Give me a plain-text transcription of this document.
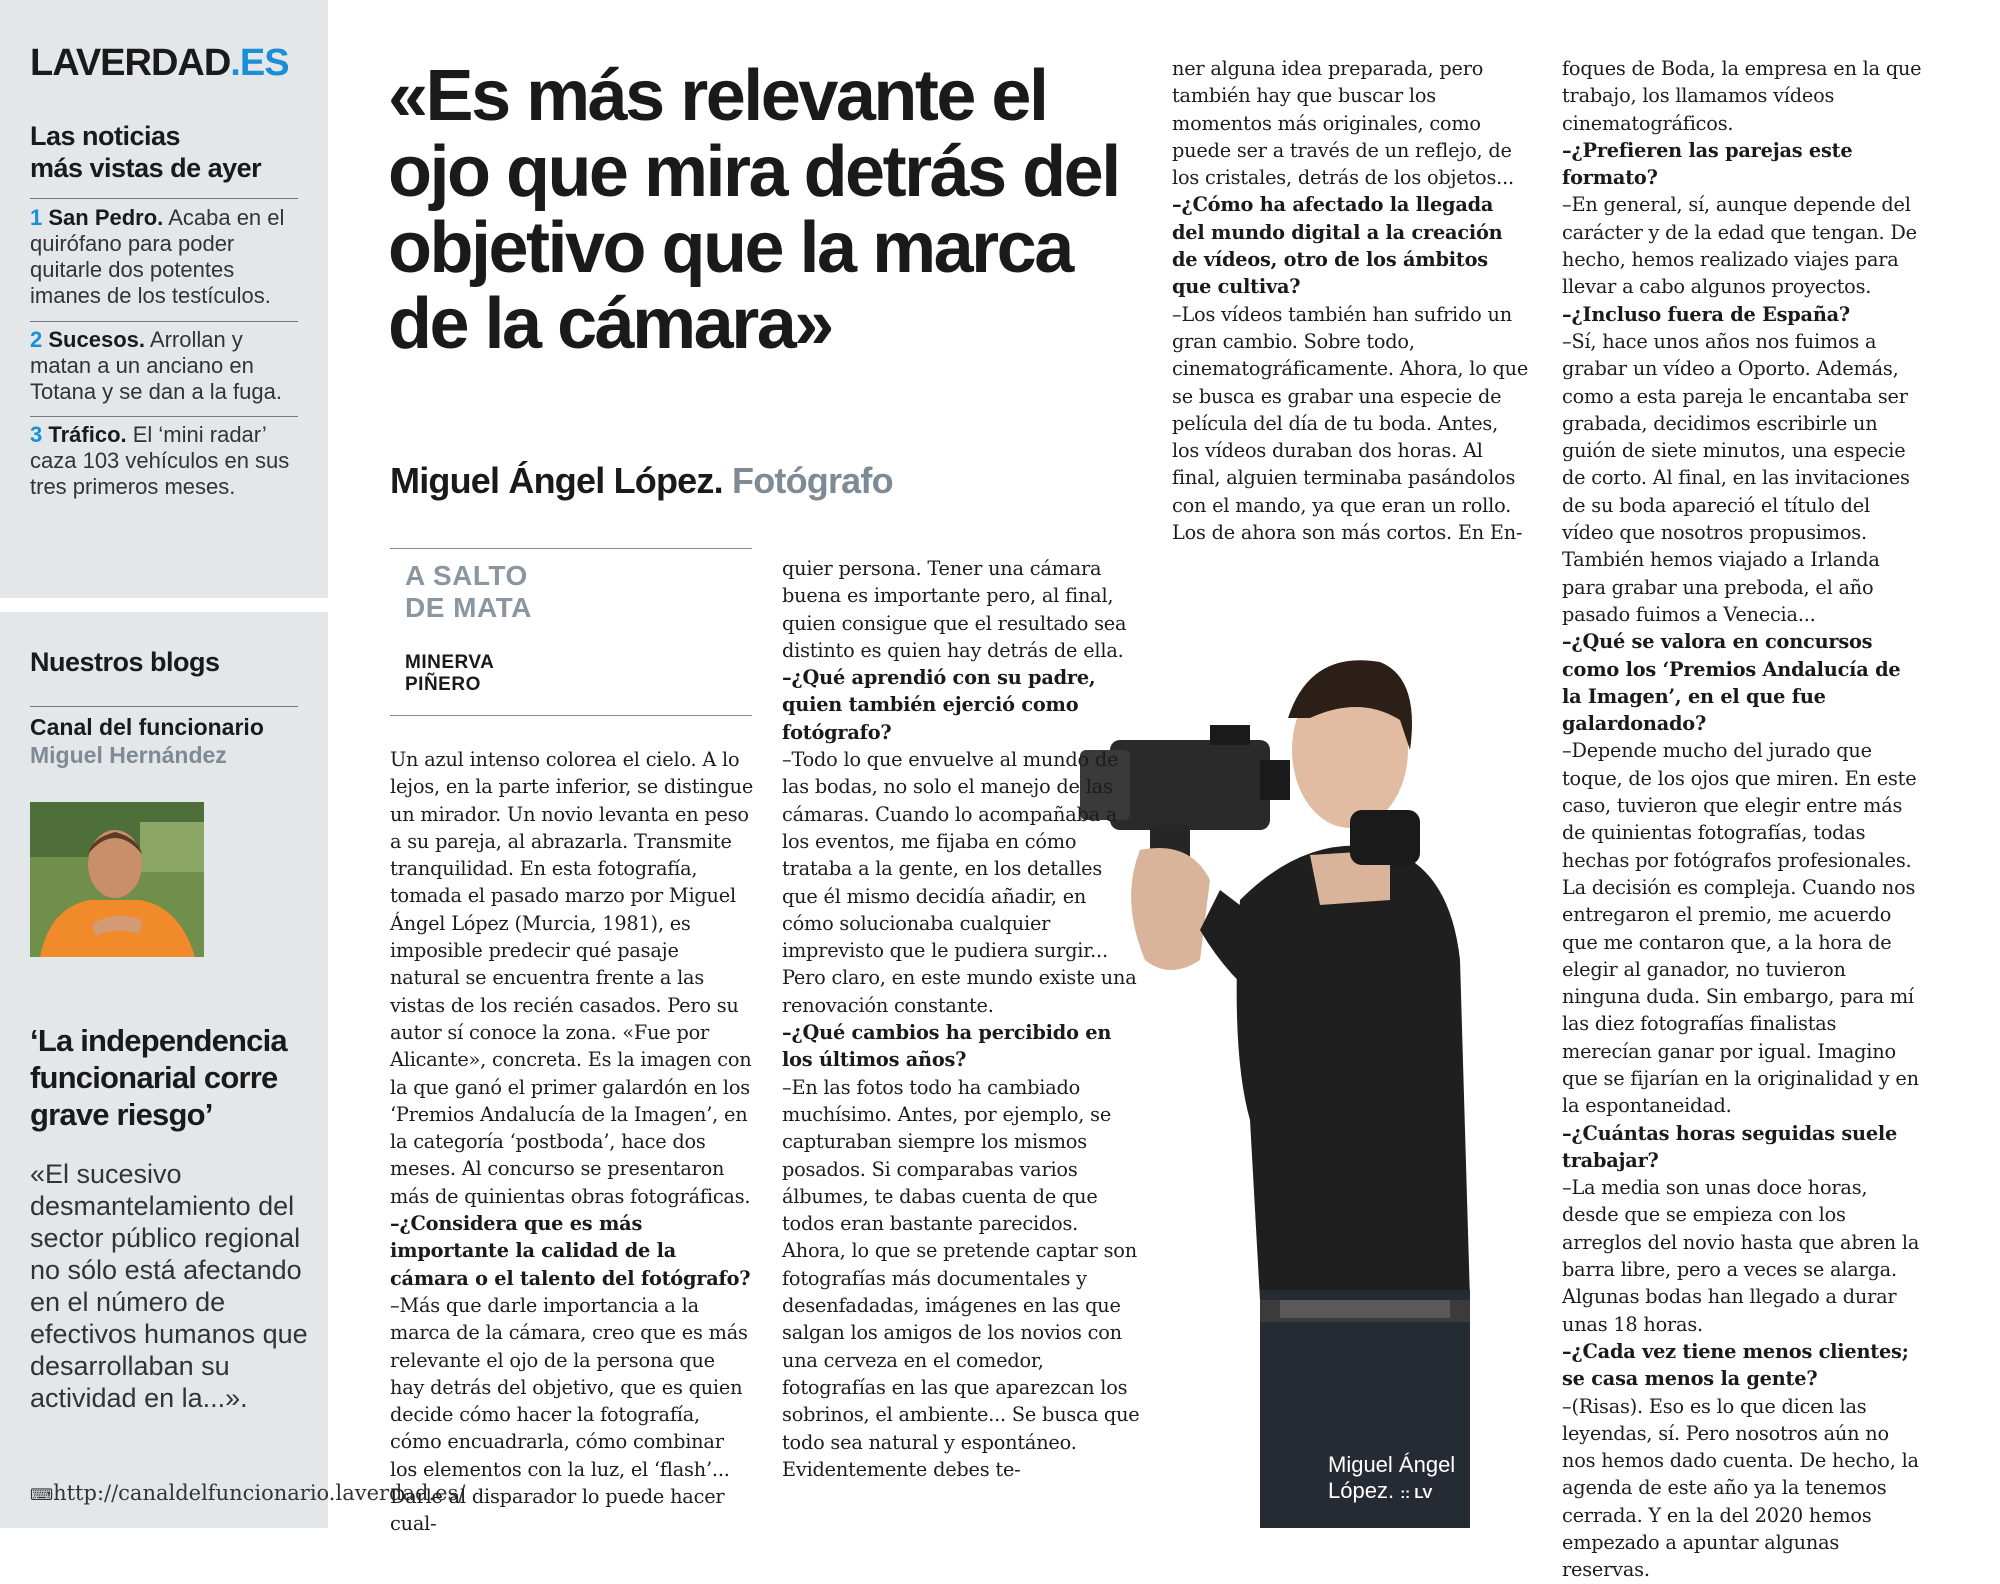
LAVERDAD.ES
Las noticias
más vistas de ayer
1 San Pedro. Acaba en el quirófano para poder quitarle dos potentes imanes de los testículos.
2 Sucesos. Arrollan y matan a un anciano en Totana y se dan a la fuga.
3 Tráfico. El ‘mini radar’ caza 103 vehículos en sus tres primeros meses.
Nuestros blogs
Canal del funcionario
Miguel Hernández
‘La independencia funcionarial corre grave riesgo’
«El sucesivo desmantelamiento del sector público regional no sólo está afectando en el número de efectivos humanos que desarrollaban su actividad en la...».
⌨http://canaldelfuncionario.laverdad.es/
«Es más relevante el ojo que mira detrás del objetivo que la marca de la cámara»
Miguel Ángel López. Fotógrafo
A SALTO
DE MATA
MINERVA
PIÑERO
Miguel Ángel
López. :: LV

Un azul intenso colorea el cielo. A lo lejos, en la parte inferior, se distingue un mirador. Un novio levanta en peso a su pareja, al abrazarla. Transmite tranquilidad. En esta fotografía, tomada el pasado marzo por Miguel Ángel López (Murcia, 1981), es imposible predecir qué pasaje natural se encuentra frente a las vistas de los recién casados. Pero su autor sí conoce la zona. «Fue por Alicante», concreta. Es la imagen con la que ganó el primer galardón en los ‘Premios Andalucía de la Imagen’, en la categoría ‘postboda’, hace dos meses. Al concurso se presentaron más de quinientas obras fotográficas.

–¿Considera que es más importante la calidad de la cámara o el talento del fotógrafo?

–Más que darle importancia a la marca de la cámara, creo que es más relevante el ojo de la persona que hay detrás del objetivo, que es quien decide cómo hacer la fotografía, cómo encuadrarla, cómo combinar los elementos con la luz, el ‘flash’... Darle al disparador lo puede hacer cual-

quier persona. Tener una cámara buena es importante pero, al final, quien consigue que el resultado sea distinto es quien hay detrás de ella.

–¿Qué aprendió con su padre, quien también ejerció como fotógrafo?

–Todo lo que envuelve al mundo de las bodas, no solo el manejo de las cámaras. Cuando lo acompañaba a los eventos, me fijaba en cómo trataba a la gente, en los detalles que él mismo decidía añadir, en cómo solucionaba cualquier imprevisto que le pudiera surgir... Pero claro, en este mundo existe una renovación constante.

–¿Qué cambios ha percibido en los últimos años?

–En las fotos todo ha cambiado muchísimo. Antes, por ejemplo, se capturaban siempre los mismos posados. Si comparabas varios álbumes, te dabas cuenta de que todos eran bastante parecidos. Ahora, lo que se pretende captar son fotografías más documentales y desenfadadas, imágenes en las que salgan los amigos de los novios con una cerveza en el comedor, fotografías en las que aparezcan los sobrinos, el ambiente... Se busca que todo sea natural y espontáneo. Evidentemente debes te-

ner alguna idea preparada, pero también hay que buscar los momentos más originales, como puede ser a través de un reflejo, de los cristales, detrás de los objetos...

–¿Cómo ha afectado la llegada del mundo digital a la creación de vídeos, otro de los ámbitos que cultiva?

–Los vídeos también han sufrido un gran cambio. Sobre todo, cinematográficamente. Ahora, lo que se busca es grabar una especie de película del día de tu boda. Antes, los vídeos duraban dos horas. Al final, alguien terminaba pasándolos con el mando, ya que eran un rollo. Los de ahora son más cortos. En En-

foques de Boda, la empresa en la que trabajo, los llamamos vídeos cinematográficos.

–¿Prefieren las parejas este formato?

–En general, sí, aunque depende del carácter y de la edad que tengan. De hecho, hemos realizado viajes para llevar a cabo algunos proyectos.

–¿Incluso fuera de España?

–Sí, hace unos años nos fuimos a grabar un vídeo a Oporto. Además, como a esta pareja le encantaba ser grabada, decidimos escribirle un guión de siete minutos, una especie de corto. Al final, en las invitaciones de su boda apareció el título del vídeo que nosotros propusimos. También hemos viajado a Irlanda para grabar una preboda, el año pasado fuimos a Venecia...

–¿Qué se valora en concursos como los ‘Premios Andalucía de la Imagen’, en el que fue galardonado?

–Depende mucho del jurado que toque, de los ojos que miren. En este caso, tuvieron que elegir entre más de quinientas fotografías, todas hechas por fotógrafos profesionales. La decisión es compleja. Cuando nos entregaron el premio, me acuerdo que me contaron que, a la hora de elegir al ganador, no tuvieron ninguna duda. Sin embargo, para mí las diez fotografías finalistas merecían ganar por igual. Imagino que se fijarían en la originalidad y en la espontaneidad.

–¿Cuántas horas seguidas suele trabajar?

–La media son unas doce horas, desde que se empieza con los arreglos del novio hasta que abren la barra libre, pero a veces se alarga. Algunas bodas han llegado a durar unas 18 horas.

–¿Cada vez tiene menos clientes; se casa menos la gente?

–(Risas). Eso es lo que dicen las leyendas, sí. Pero nosotros aún no nos hemos dado cuenta. De hecho, la agenda de este año ya la tenemos cerrada. Y en la del 2020 hemos empezado a apuntar algunas reservas.
